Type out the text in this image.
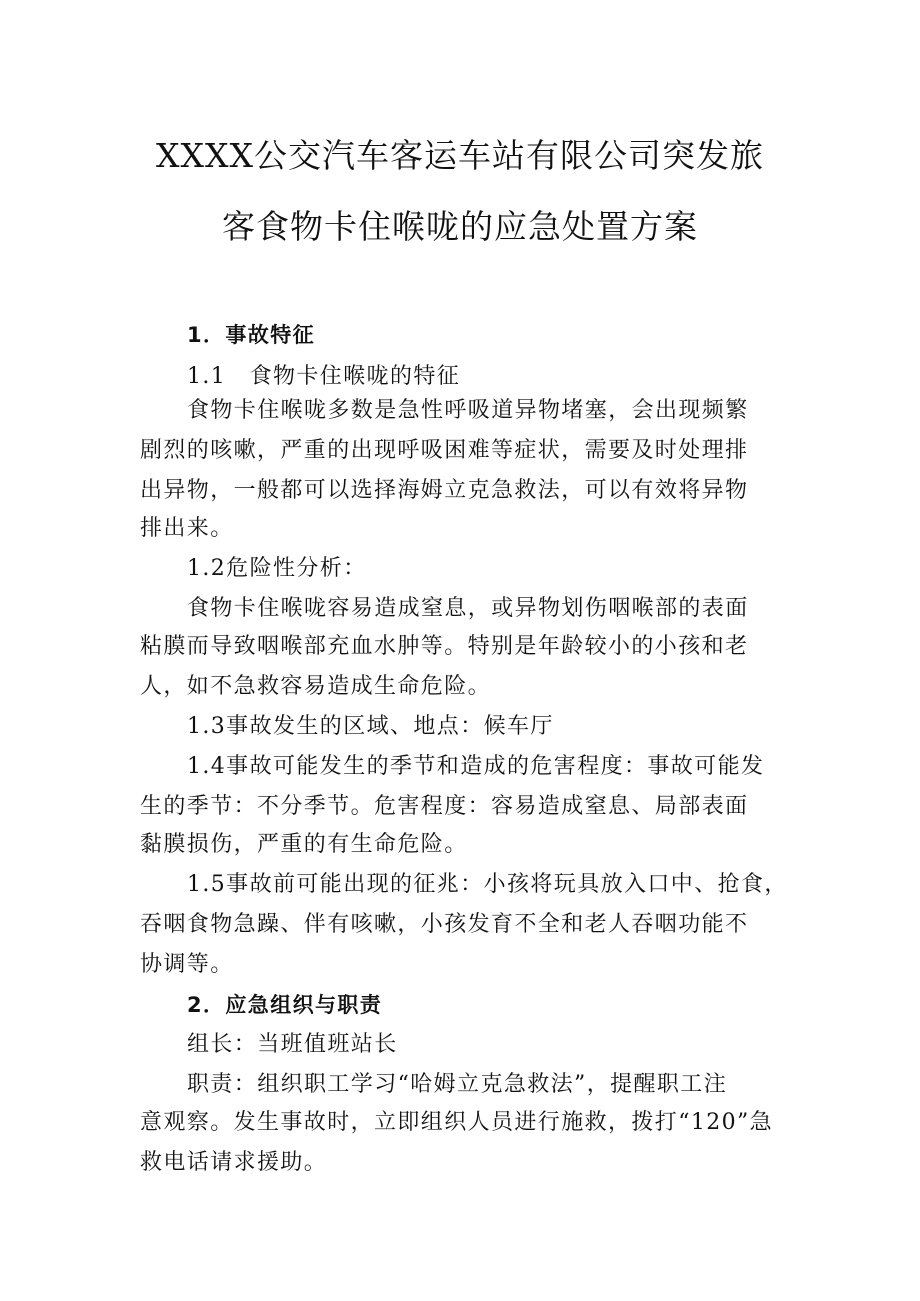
XXXX公交汽车客运车站有限公司突发旅
客食物卡住喉咙的应急处置方案
1．事故特征
1.1　食物卡住喉咙的特征
食物卡住喉咙多数是急性呼吸道异物堵塞，会出现频繁
剧烈的咳嗽，严重的出现呼吸困难等症状，需要及时处理排
出异物，一般都可以选择海姆立克急救法，可以有效将异物
排出来。
1.2危险性分析：
食物卡住喉咙容易造成窒息，或异物划伤咽喉部的表面
粘膜而导致咽喉部充血水肿等。特别是年龄较小的小孩和老
人，如不急救容易造成生命危险。
1.3事故发生的区域、地点：候车厅
1.4事故可能发生的季节和造成的危害程度：事故可能发
生的季节：不分季节。危害程度：容易造成窒息、局部表面
黏膜损伤，严重的有生命危险。
1.5事故前可能出现的征兆：小孩将玩具放入口中、抢食，
吞咽食物急躁、伴有咳嗽，小孩发育不全和老人吞咽功能不
协调等。
2．应急组织与职责
组长：当班值班站长
职责：组织职工学习“哈姆立克急救法”，提醒职工注
意观察。发生事故时，立即组织人员进行施救，拨打“120”急
救电话请求援助。
